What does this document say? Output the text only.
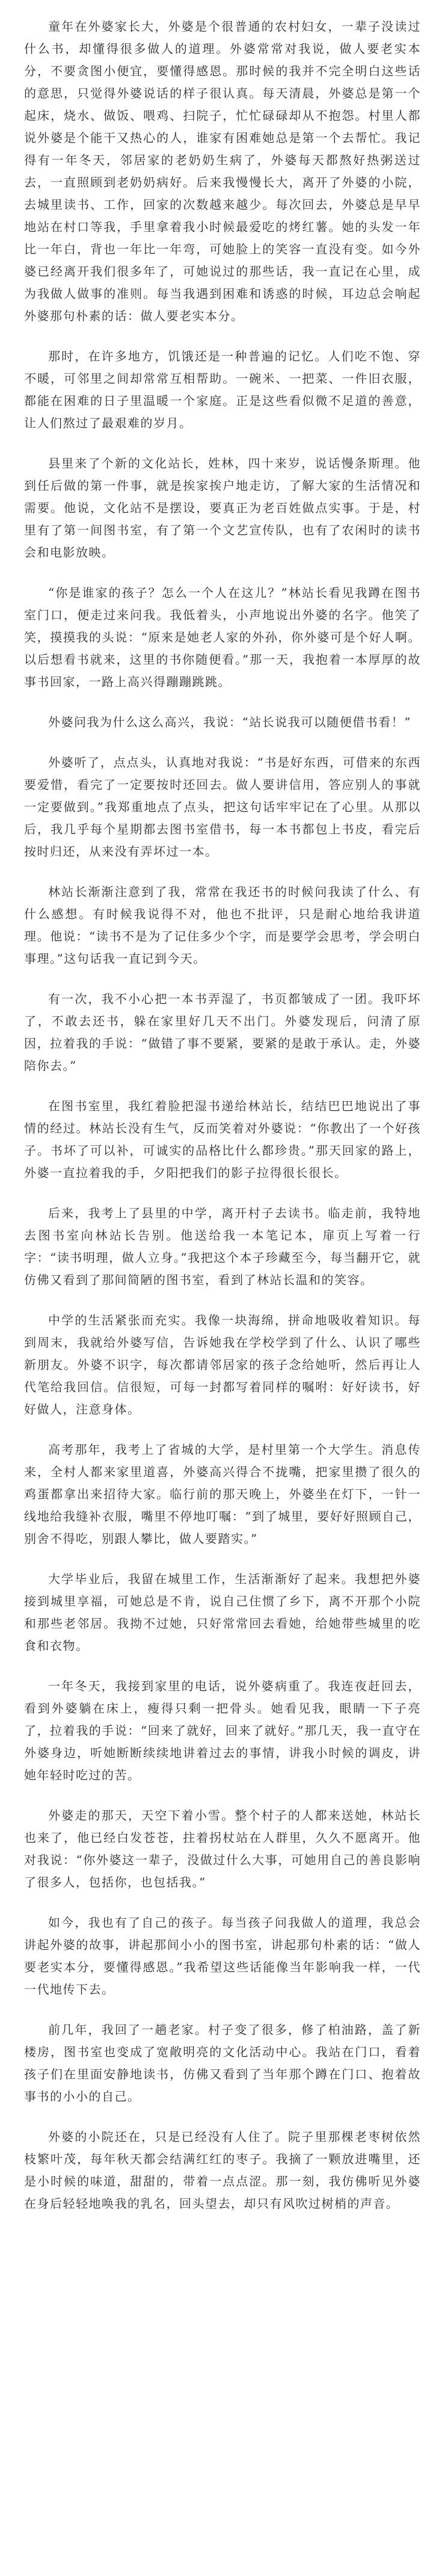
童年在外婆家长大，外婆是个很普通的农村妇女，一辈子没读过什么书，却懂得很多做人的道理。外婆常常对我说，做人要老实本分，不要贪图小便宜，要懂得感恩。那时候的我并不完全明白这些话的意思，只觉得外婆说话的样子很认真。每天清晨，外婆总是第一个起床，烧水、做饭、喂鸡、扫院子，忙忙碌碌却从不抱怨。村里人都说外婆是个能干又热心的人，谁家有困难她总是第一个去帮忙。我记得有一年冬天，邻居家的老奶奶生病了，外婆每天都熬好热粥送过去，一直照顾到老奶奶病好。后来我慢慢长大，离开了外婆的小院，去城里读书、工作，回家的次数越来越少。每次回去，外婆总是早早地站在村口等我，手里拿着我小时候最爱吃的烤红薯。她的头发一年比一年白，背也一年比一年弯，可她脸上的笑容一直没有变。如今外婆已经离开我们很多年了，可她说过的那些话，我一直记在心里，成为我做人做事的准则。每当我遇到困难和诱惑的时候，耳边总会响起外婆那句朴素的话：做人要老实本分。

那时，在许多地方，饥饿还是一种普遍的记忆。人们吃不饱、穿不暖，可邻里之间却常常互相帮助。一碗米、一把菜、一件旧衣服，都能在困难的日子里温暖一个家庭。正是这些看似微不足道的善意，让人们熬过了最艰难的岁月。

县里来了个新的文化站长，姓林，四十来岁，说话慢条斯理。他到任后做的第一件事，就是挨家挨户地走访，了解大家的生活情况和需要。他说，文化站不是摆设，要真正为老百姓做点实事。于是，村里有了第一间图书室，有了第一个文艺宣传队，也有了农闲时的读书会和电影放映。

“你是谁家的孩子？怎么一个人在这儿？”林站长看见我蹲在图书室门口，便走过来问我。我低着头，小声地说出外婆的名字。他笑了笑，摸摸我的头说：“原来是她老人家的外孙，你外婆可是个好人啊。以后想看书就来，这里的书你随便看。”那一天，我抱着一本厚厚的故事书回家，一路上高兴得蹦蹦跳跳。

外婆问我为什么这么高兴，我说：“站长说我可以随便借书看！”

外婆听了，点点头，认真地对我说：“书是好东西，可借来的东西要爱惜，看完了一定要按时还回去。做人要讲信用，答应别人的事就一定要做到。”我郑重地点了点头，把这句话牢牢记在了心里。从那以后，我几乎每个星期都去图书室借书，每一本书都包上书皮，看完后按时归还，从来没有弄坏过一本。

林站长渐渐注意到了我，常常在我还书的时候问我读了什么、有什么感想。有时候我说得不对，他也不批评，只是耐心地给我讲道理。他说：“读书不是为了记住多少个字，而是要学会思考，学会明白事理。”这句话我一直记到今天。

有一次，我不小心把一本书弄湿了，书页都皱成了一团。我吓坏了，不敢去还书，躲在家里好几天不出门。外婆发现后，问清了原因，拉着我的手说：“做错了事不要紧，要紧的是敢于承认。走，外婆陪你去。”

在图书室里，我红着脸把湿书递给林站长，结结巴巴地说出了事情的经过。林站长没有生气，反而笑着对外婆说：“你教出了一个好孩子。书坏了可以补，可诚实的品格比什么都珍贵。”那天回家的路上，外婆一直拉着我的手，夕阳把我们的影子拉得很长很长。

后来，我考上了县里的中学，离开村子去读书。临走前，我特地去图书室向林站长告别。他送给我一本笔记本，扉页上写着一行字：“读书明理，做人立身。”我把这个本子珍藏至今，每当翻开它，就仿佛又看到了那间简陋的图书室，看到了林站长温和的笑容。

中学的生活紧张而充实。我像一块海绵，拼命地吸收着知识。每到周末，我就给外婆写信，告诉她我在学校学到了什么、认识了哪些新朋友。外婆不识字，每次都请邻居家的孩子念给她听，然后再让人代笔给我回信。信很短，可每一封都写着同样的嘱咐：好好读书，好好做人，注意身体。

高考那年，我考上了省城的大学，是村里第一个大学生。消息传来，全村人都来家里道喜，外婆高兴得合不拢嘴，把家里攒了很久的鸡蛋都拿出来招待大家。临行前的那天晚上，外婆坐在灯下，一针一线地给我缝补衣服，嘴里不停地叮嘱：“到了城里，要好好照顾自己，别舍不得吃，别跟人攀比，做人要踏实。”

大学毕业后，我留在城里工作，生活渐渐好了起来。我想把外婆接到城里享福，可她总是不肯，说自己住惯了乡下，离不开那个小院和那些老邻居。我拗不过她，只好常常回去看她，给她带些城里的吃食和衣物。

一年冬天，我接到家里的电话，说外婆病重了。我连夜赶回去，看到外婆躺在床上，瘦得只剩一把骨头。她看见我，眼睛一下子亮了，拉着我的手说：“回来了就好，回来了就好。”那几天，我一直守在外婆身边，听她断断续续地讲着过去的事情，讲我小时候的调皮，讲她年轻时吃过的苦。

外婆走的那天，天空下着小雪。整个村子的人都来送她，林站长也来了，他已经白发苍苍，拄着拐杖站在人群里，久久不愿离开。他对我说：“你外婆这一辈子，没做过什么大事，可她用自己的善良影响了很多人，包括你，也包括我。”

如今，我也有了自己的孩子。每当孩子问我做人的道理，我总会讲起外婆的故事，讲起那间小小的图书室，讲起那句朴素的话：“做人要老实本分，要懂得感恩。”我希望这些话能像当年影响我一样，一代一代地传下去。

前几年，我回了一趟老家。村子变了很多，修了柏油路，盖了新楼房，图书室也变成了宽敞明亮的文化活动中心。我站在门口，看着孩子们在里面安静地读书，仿佛又看到了当年那个蹲在门口、抱着故事书的小小的自己。

外婆的小院还在，只是已经没有人住了。院子里那棵老枣树依然枝繁叶茂，每年秋天都会结满红红的枣子。我摘了一颗放进嘴里，还是小时候的味道，甜甜的，带着一点点涩。那一刻，我仿佛听见外婆在身后轻轻地唤我的乳名，回头望去，却只有风吹过树梢的声音。
